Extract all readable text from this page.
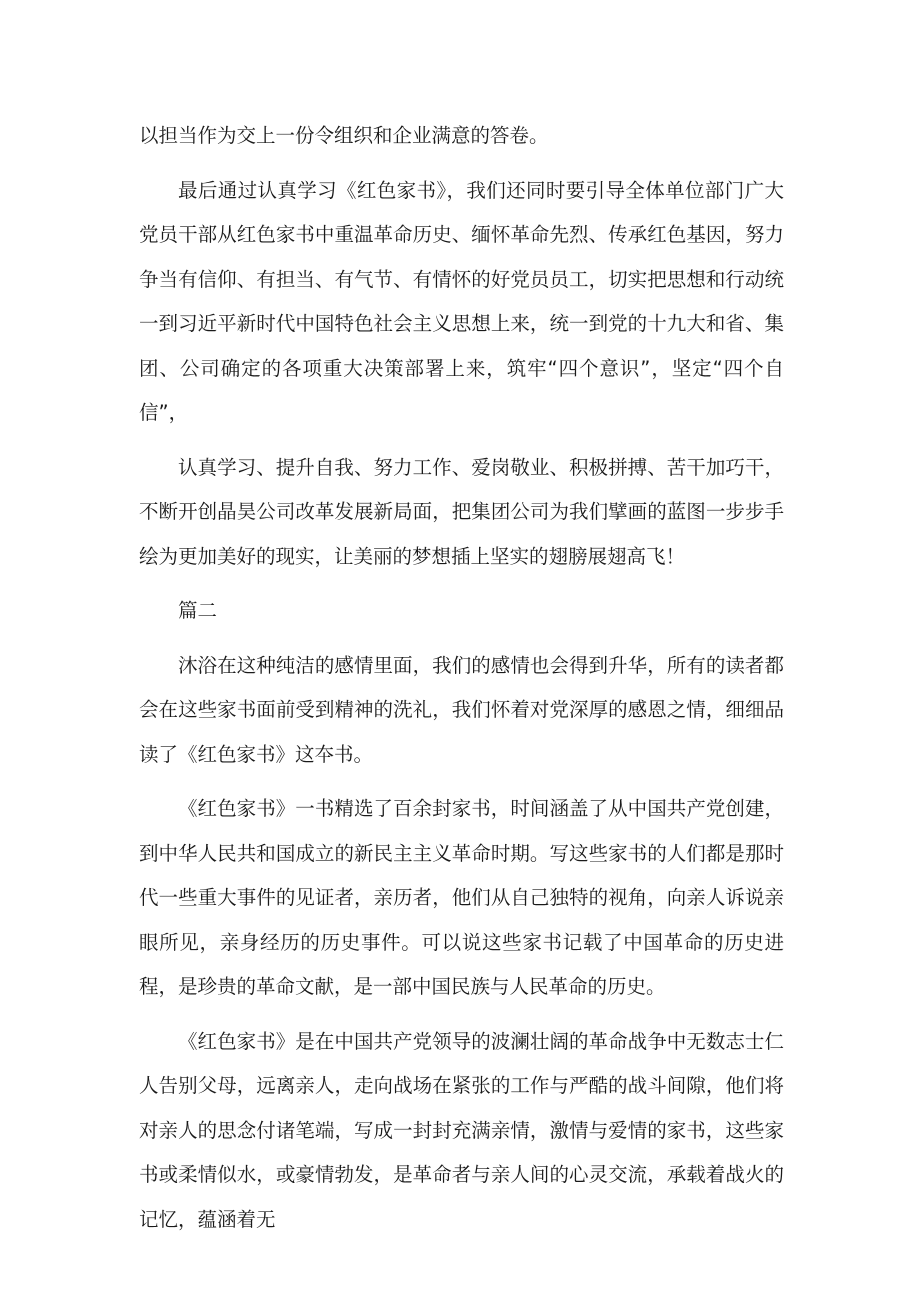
以担当作为交上一份令组织和企业满意的答卷。

最后通过认真学习《红色家书》，我们还同时要引导全体单位部门广大党员干部从红色家书中重温革命历史、缅怀革命先烈、传承红色基因，努力争当有信仰、有担当、有气节、有情怀的好党员员工，切实把思想和行动统一到习近平新时代中国特色社会主义思想上来，统一到党的十九大和省、集团、公司确定的各项重大决策部署上来，筑牢“四个意识”，坚定“四个自信”，

认真学习、提升自我、努力工作、爱岗敬业、积极拼搏、苦干加巧干，不断开创晶昊公司改革发展新局面，把集团公司为我们擘画的蓝图一步步手绘为更加美好的现实，让美丽的梦想插上坚实的翅膀展翅高飞！

篇二

沐浴在这种纯洁的感情里面，我们的感情也会得到升华，所有的读者都会在这些家书面前受到精神的洗礼，我们怀着对党深厚的感恩之情，细细品读了《红色家书》这夲书。

《红色家书》一书精选了百余封家书，时间涵盖了从中国共产党创建，到中华人民共和国成立的新民主主义革命时期。写这些家书的人们都是那时代一些重大事件的见证者，亲历者，他们从自己独特的视角，向亲人诉说亲眼所见，亲身经历的历史事件。可以说这些家书记载了中国革命的历史进程，是珍贵的革命文献，是一部中国民族与人民革命的历史。

《红色家书》是在中国共产党领导的波澜壮阔的革命战争中无数志士仁人告别父母，远离亲人，走向战场在紧张的工作与严酷的战斗间隙，他们将对亲人的思念付诸笔端，写成一封封充满亲情，激情与爱情的家书，这些家书或柔情似水，或豪情勃发，是革命者与亲人间的心灵交流，承载着战火的记忆，蕴涵着无
